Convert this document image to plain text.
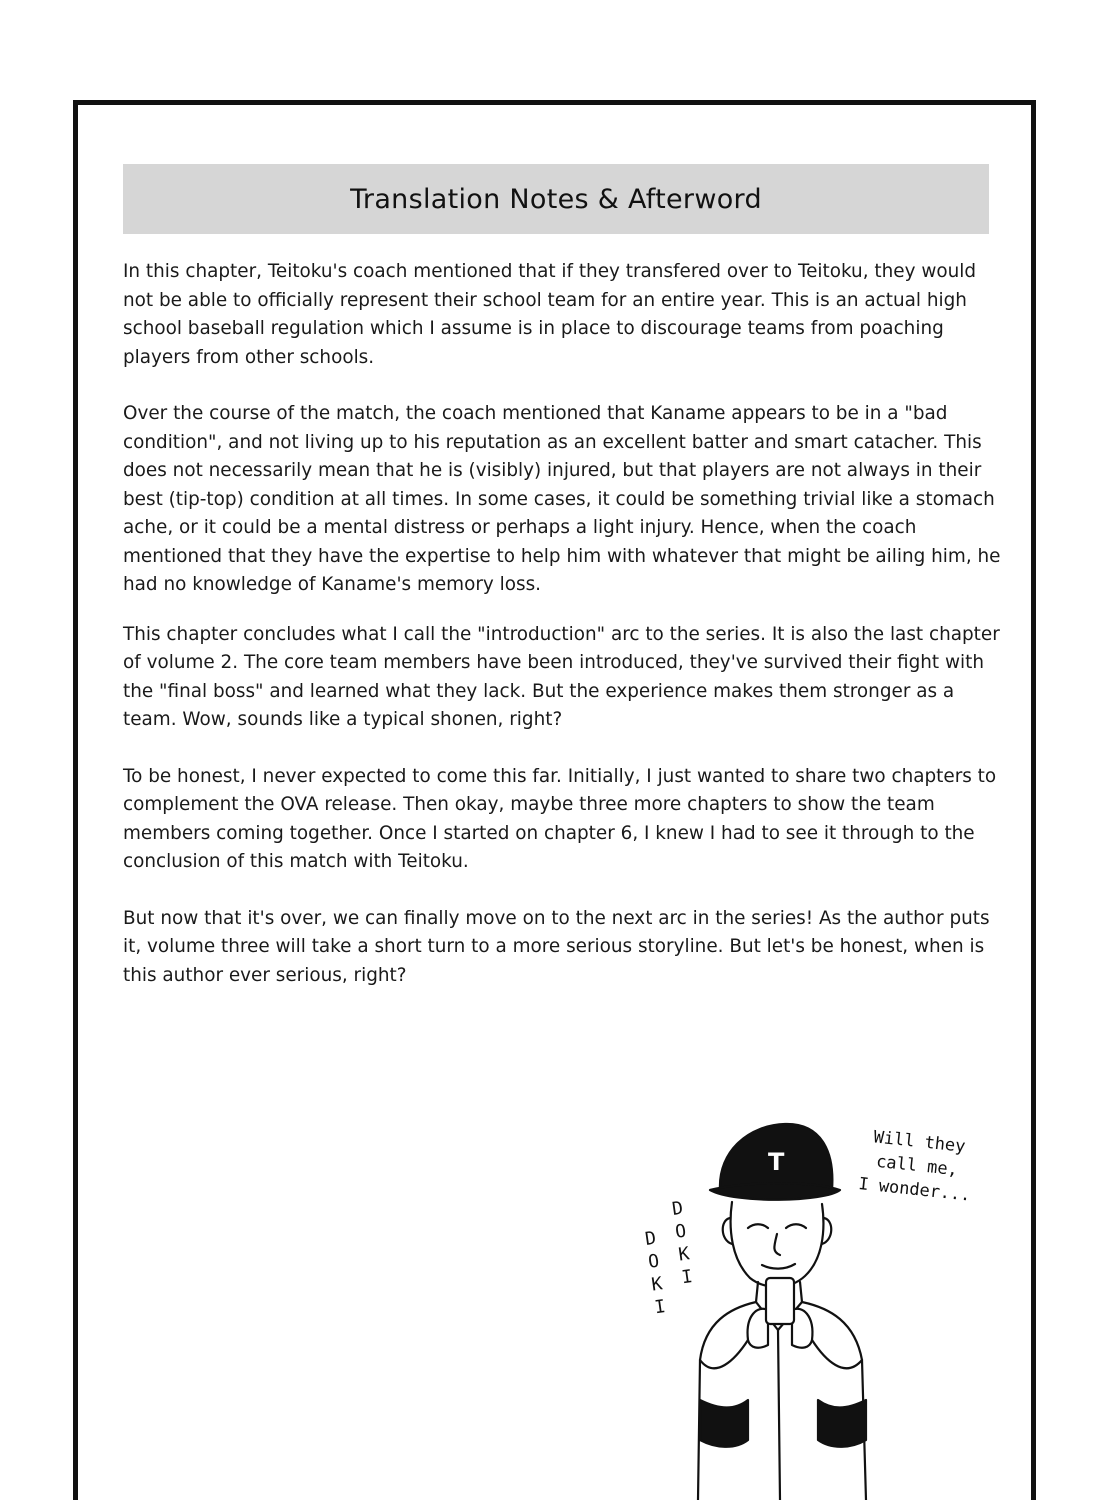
Translation Notes & Afterword

In this chapter, Teitoku's coach mentioned that if they transfered over to Teitoku, they would not be able to officially represent their school team for an entire year. This is an actual high school baseball regulation which I assume is in place to discourage teams from poaching players from other schools.

Over the course of the match, the coach mentioned that Kaname appears to be in a "bad condition", and not living up to his reputation as an excellent batter and smart catacher. This does not necessarily mean that he is (visibly) injured, but that players are not always in their best (tip-top) condition at all times. In some cases, it could be something trivial like a stomach ache, or it could be a mental distress or perhaps a light injury. Hence, when the coach mentioned that they have the expertise to help him with whatever that might be ailing him, he had no knowledge of Kaname's memory loss.

This chapter concludes what I call the "introduction" arc to the series. It is also the last chapter of volume 2. The core team members have been introduced, they've survived their fight with the "final boss" and learned what they lack. But the experience makes them stronger as a team. Wow, sounds like a typical shonen, right?

To be honest, I never expected to come this far. Initially, I just wanted to share two chapters to complement the OVA release. Then okay, maybe three more chapters to show the team members coming together. Once I started on chapter 6, I knew I had to see it through to the conclusion of this match with Teitoku.

But now that it's over, we can finally move on to the next arc in the series! As the author puts it, volume three will take a short turn to a more serious storyline. But let's be honest, when is this author ever serious, right?

T
Will they
call me,
I wonder...
DOKI
DOKI
